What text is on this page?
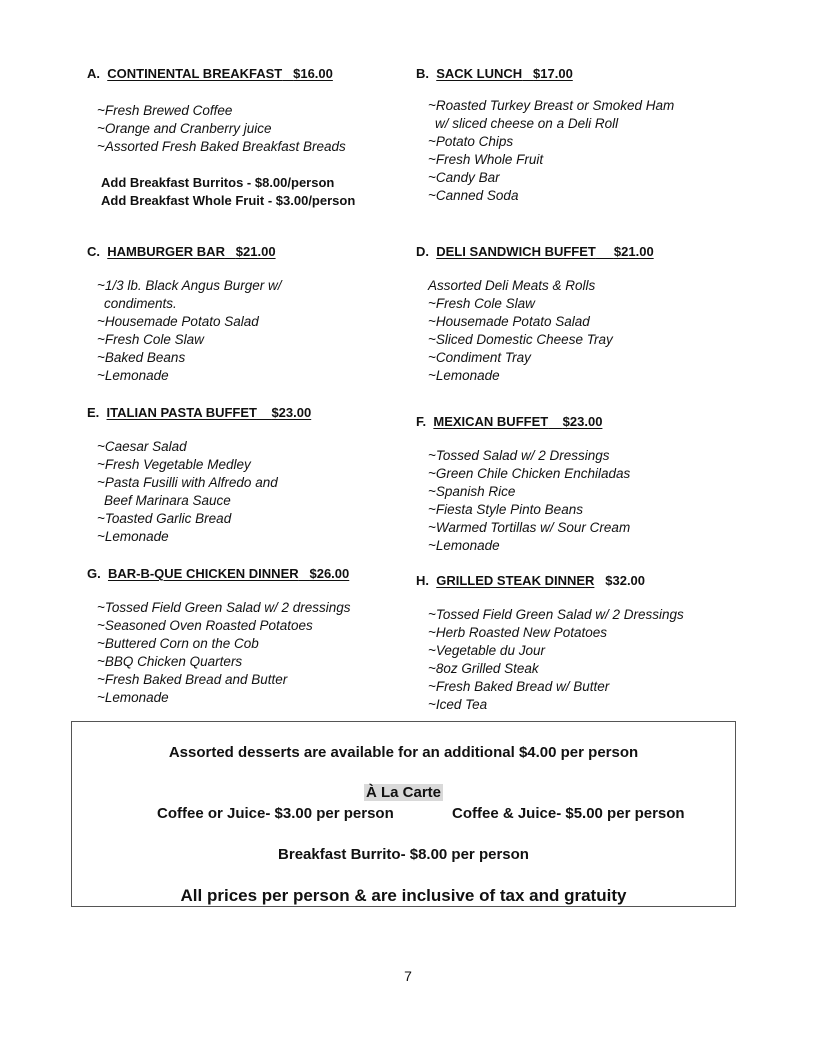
A. CONTINENTAL BREAKFAST $16.00
~Fresh Brewed Coffee
~Orange and Cranberry juice
~Assorted Fresh Baked Breakfast Breads
Add Breakfast Burritos - $8.00/person
Add Breakfast Whole Fruit - $3.00/person
B. SACK LUNCH $17.00
~Roasted Turkey Breast or Smoked Ham
w/ sliced cheese on a Deli Roll
~Potato Chips
~Fresh Whole Fruit
~Candy Bar
~Canned Soda
C. HAMBURGER BAR $21.00
~1/3 lb. Black Angus Burger w/
condiments.
~Housemade Potato Salad
~Fresh Cole Slaw
~Baked Beans
~Lemonade
D. DELI SANDWICH BUFFET $21.00
Assorted Deli Meats & Rolls
~Fresh Cole Slaw
~Housemade Potato Salad
~Sliced Domestic Cheese Tray
~Condiment Tray
~Lemonade
E. ITALIAN PASTA BUFFET $23.00
~Caesar Salad
~Fresh Vegetable Medley
~Pasta Fusilli with Alfredo and
Beef Marinara Sauce
~Toasted Garlic Bread
~Lemonade
F. MEXICAN BUFFET $23.00
~Tossed Salad w/ 2 Dressings
~Green Chile Chicken Enchiladas
~Spanish Rice
~Fiesta Style Pinto Beans
~Warmed Tortillas w/ Sour Cream
~Lemonade
G. BAR-B-QUE CHICKEN DINNER $26.00
~Tossed Field Green Salad w/ 2 dressings
~Seasoned Oven Roasted Potatoes
~Buttered Corn on the Cob
~BBQ Chicken Quarters
~Fresh Baked Bread and Butter
~Lemonade
H. GRILLED STEAK DINNER $32.00
~Tossed Field Green Salad w/ 2 Dressings
~Herb Roasted New Potatoes
~Vegetable du Jour
~8oz Grilled Steak
~Fresh Baked Bread w/ Butter
~Iced Tea
Assorted desserts are available for an additional $4.00 per person
À La Carte
Coffee or Juice- $3.00 per person	Coffee & Juice- $5.00 per person
Breakfast Burrito- $8.00 per person
All prices per person & are inclusive of tax and gratuity
7
